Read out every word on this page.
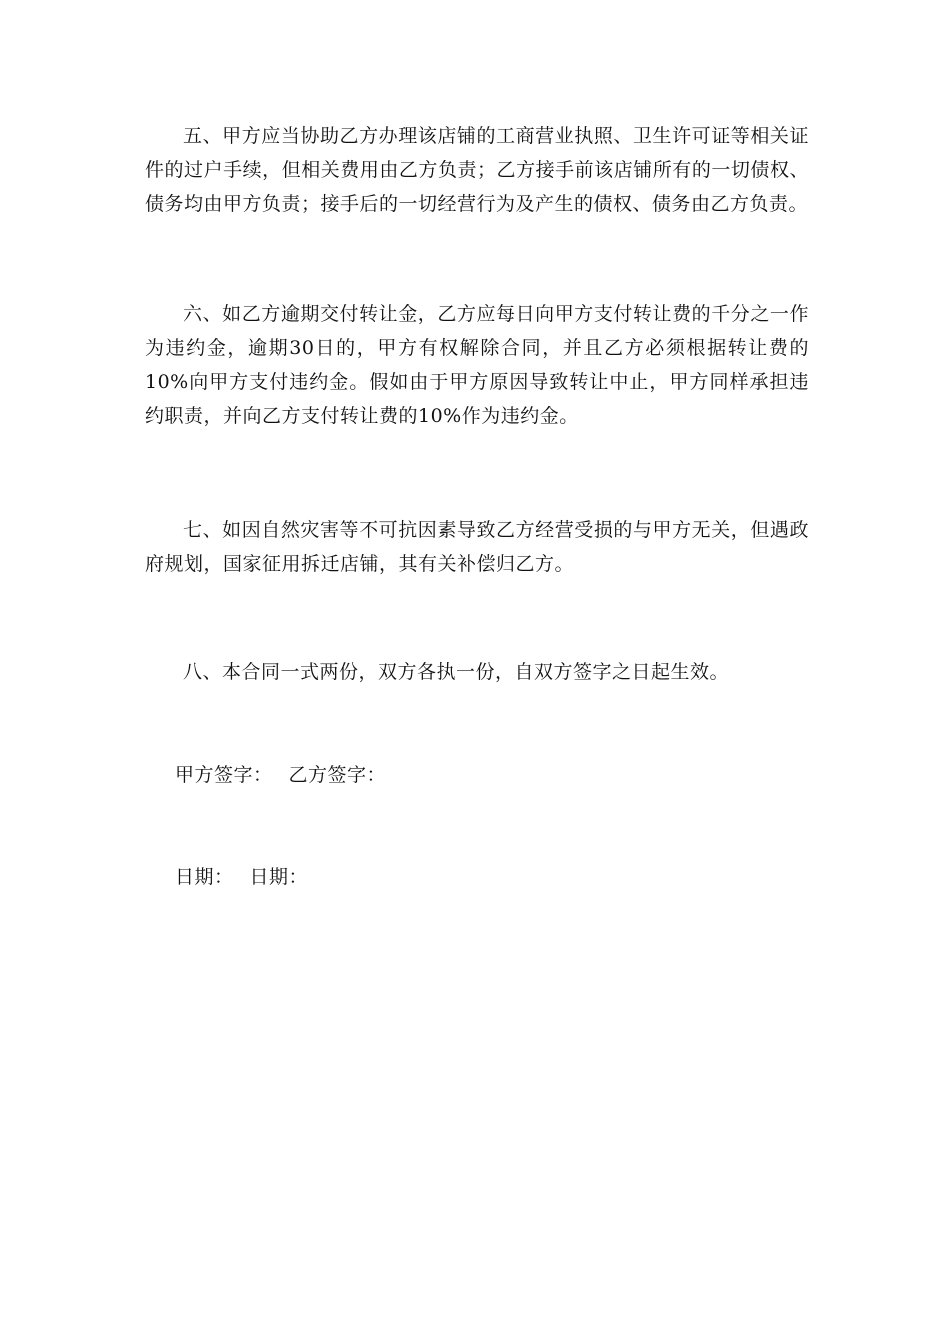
五、甲方应当协助乙方办理该店铺的工商营业执照、卫生许可证等相关证件的过户手续，但相关费用由乙方负责；乙方接手前该店铺所有的一切债权、债务均由甲方负责；接手后的一切经营行为及产生的债权、债务由乙方负责。

六、如乙方逾期交付转让金，乙方应每日向甲方支付转让费的千分之一作为违约金，逾期30日的，甲方有权解除合同，并且乙方必须根据转让费的10%向甲方支付违约金。假如由于甲方原因导致转让中止，甲方同样承担违约职责，并向乙方支付转让费的10%作为违约金。

七、如因自然灾害等不可抗因素导致乙方经营受损的与甲方无关，但遇政府规划，国家征用拆迁店铺，其有关补偿归乙方。

八、本合同一式两份，双方各执一份，自双方签字之日起生效。

甲方签字： 乙方签字：
日期： 日期：
